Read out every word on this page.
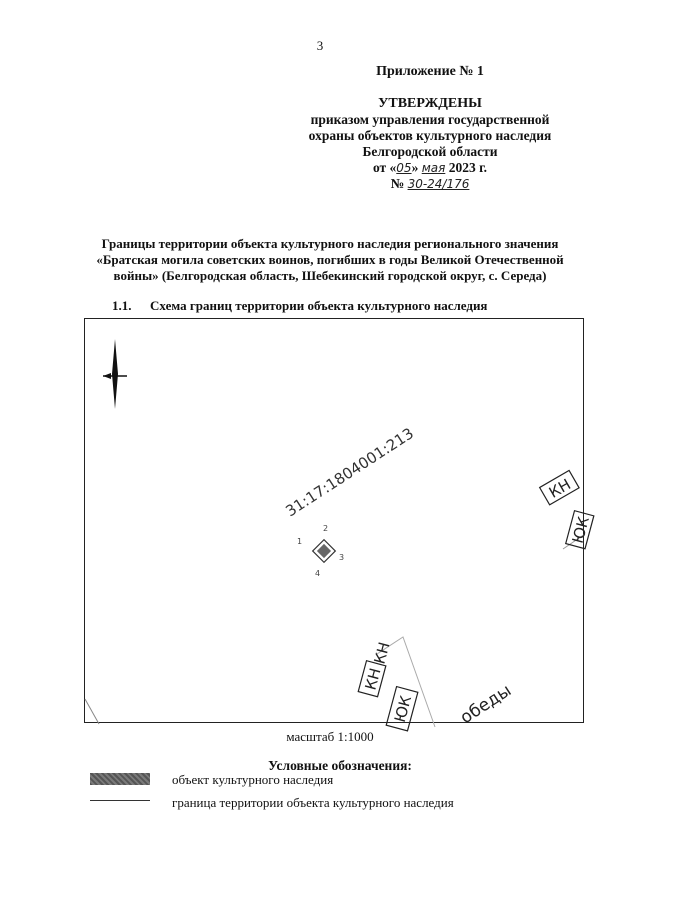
3
Приложение № 1
УТВЕРЖДЕНЫ
приказом управления государственной
охраны объектов культурного наследия
Белгородской области
от «05» мая 2023 г.
№ 30-24/176
Границы территории объекта культурного наследия регионального значения
«Братская могила советских воинов, погибших в годы Великой Отечественной
войны» (Белгородская область, Шебекинский городской округ, с. Середа)
1.1. Схема границ территории объекта культурного наследия
31:17:1804001:213
1
2
3
4
КН
ЮК
КН
КН
ЮК обеды
масштаб 1:1000
Условные обозначения:
объект культурного наследия
граница территории объекта культурного наследия
